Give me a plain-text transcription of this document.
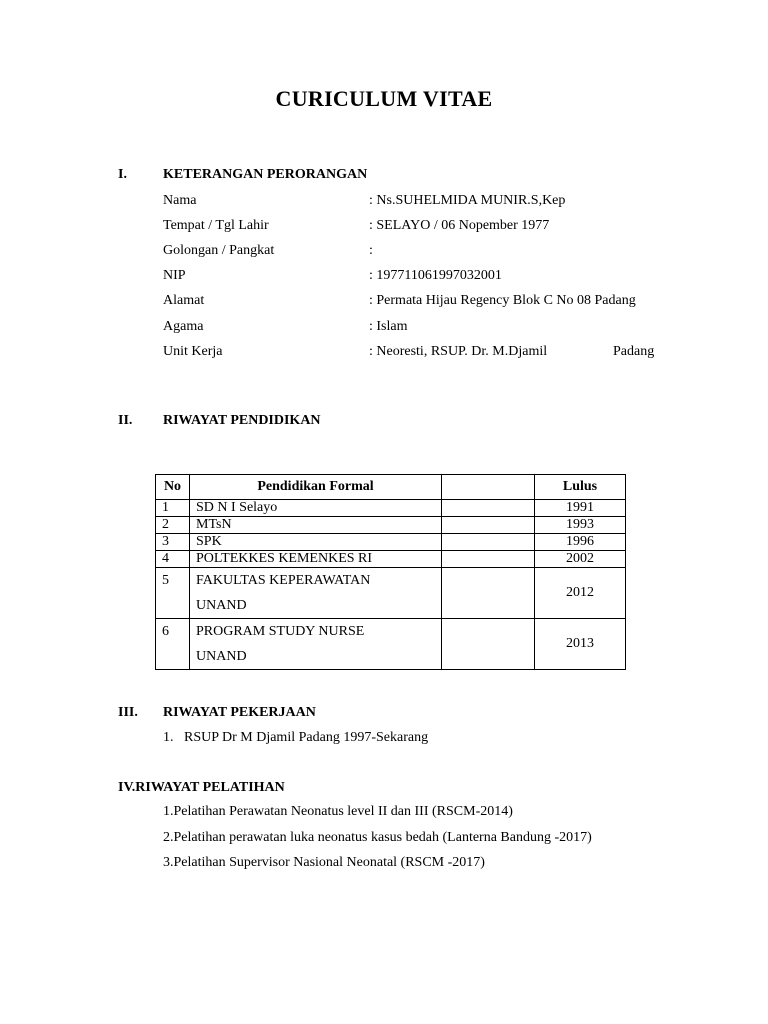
CURICULUM VITAE
I.	KETERANGAN PERORANGAN
Nama	: Ns.SUHELMIDA MUNIR.S,Kep
Tempat / Tgl Lahir	: SELAYO / 06 Nopember 1977
Golongan / Pangkat	:
NIP	: 197711061997032001
Alamat	: Permata Hijau Regency Blok C No 08 Padang
Agama	: Islam
Unit Kerja	: Neoresti, RSUP. Dr. M.Djamil	Padang
II. RIWAYAT PENDIDIKAN
No	Pendidikan Formal		Lulus
1	SD N I Selayo		1991
2	MTsN		1993
3	SPK		1996
4	POLTEKKES KEMENKES RI		2002
5	FAKULTAS KEPERAWATAN
UNAND		2012
6	PROGRAM STUDY NURSE
UNAND		2013
III. RIWAYAT PEKERJAAN
1.   RSUP Dr M Djamil Padang 1997-Sekarang
IV.RIWAYAT PELATIHAN
1.Pelatihan Perawatan Neonatus level II dan III (RSCM-2014)
2.Pelatihan perawatan luka neonatus kasus bedah (Lanterna Bandung -2017)
3.Pelatihan Supervisor Nasional Neonatal (RSCM -2017)
